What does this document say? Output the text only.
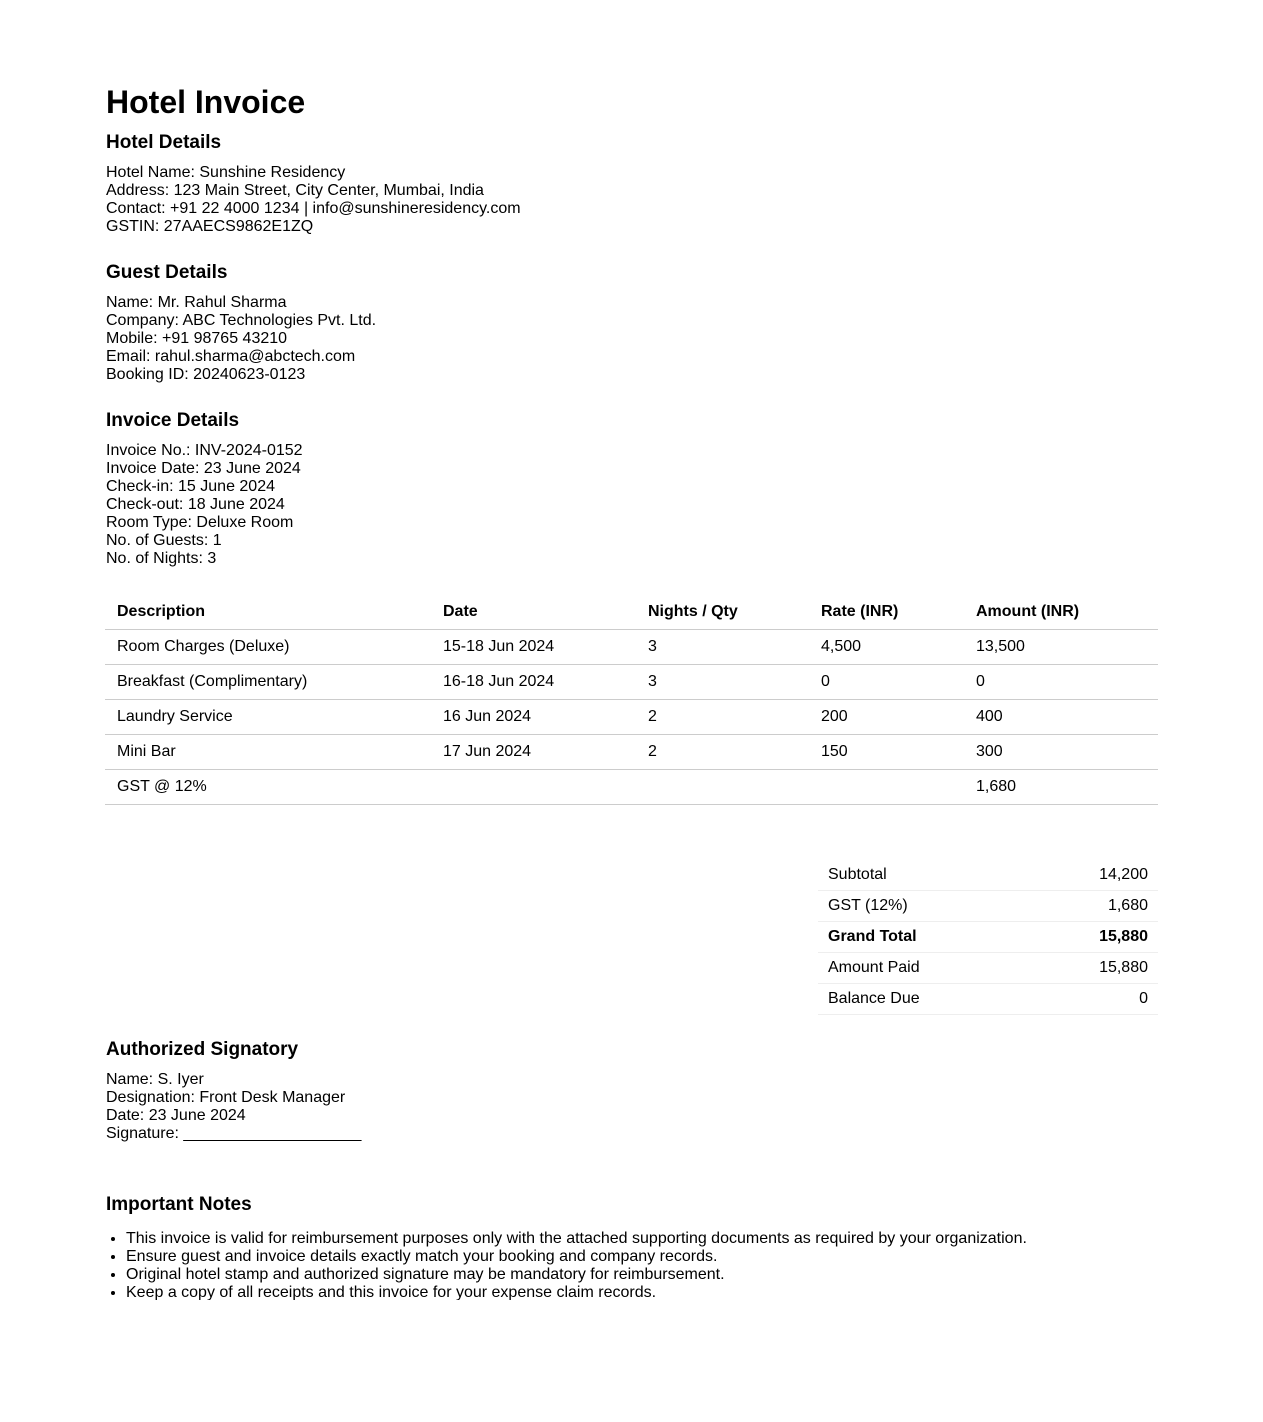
Hotel Invoice
Hotel Details
Hotel Name: Sunshine Residency
Address: 123 Main Street, City Center, Mumbai, India
Contact: +91 22 4000 1234 | info@sunshineresidency.com
GSTIN: 27AAECS9862E1ZQ
Guest Details
Name: Mr. Rahul Sharma
Company: ABC Technologies Pvt. Ltd.
Mobile: +91 98765 43210
Email: rahul.sharma@abctech.com
Booking ID: 20240623-0123
Invoice Details
Invoice No.: INV-2024-0152
Invoice Date: 23 June 2024
Check-in: 15 June 2024
Check-out: 18 June 2024
Room Type: Deluxe Room
No. of Guests: 1
No. of Nights: 3
Description	Date	Nights / Qty	Rate (INR)	Amount (INR)
Room Charges (Deluxe)	15-18 Jun 2024	3	4,500	13,500
Breakfast (Complimentary)	16-18 Jun 2024	3	0	0
Laundry Service	16 Jun 2024	2	200	400
Mini Bar	17 Jun 2024	2	150	300
GST @ 12%				1,680
Subtotal	14,200
GST (12%)	1,680
Grand Total	15,880
Amount Paid	15,880
Balance Due	0
Authorized Signatory
Name: S. Iyer
Designation: Front Desk Manager
Date: 23 June 2024
Signature: ____________________
Important Notes
• This invoice is valid for reimbursement purposes only with the attached supporting documents as required by your organization.
• Ensure guest and invoice details exactly match your booking and company records.
• Original hotel stamp and authorized signature may be mandatory for reimbursement.
• Keep a copy of all receipts and this invoice for your expense claim records.
